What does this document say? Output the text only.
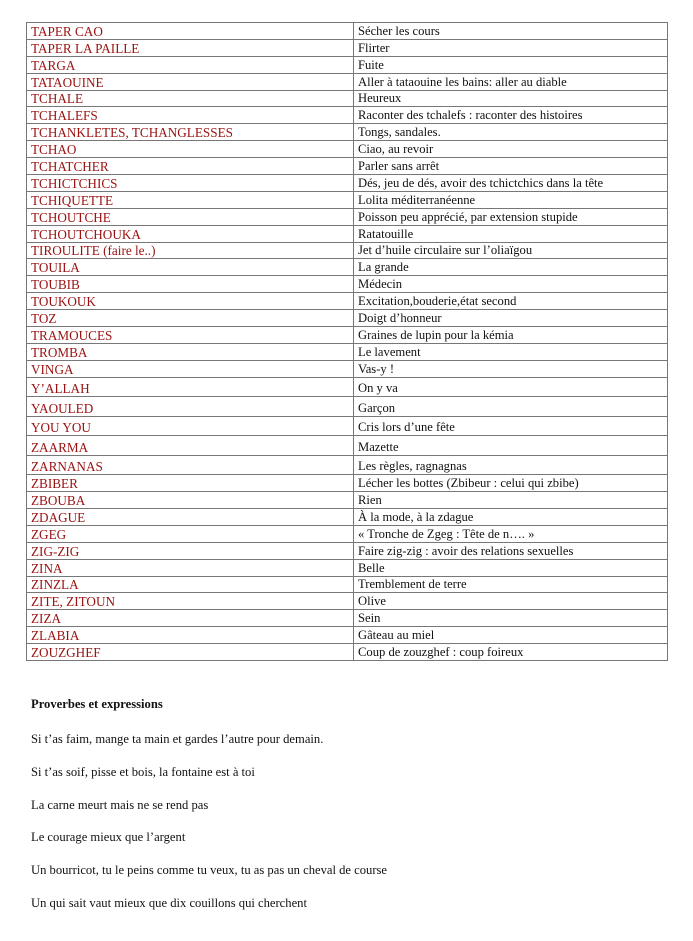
TAPER CAO	Sécher les cours
TAPER LA PAILLE	Flirter
TARGA	Fuite
TATAOUINE	Aller à tataouine les bains: aller au diable
TCHALE	Heureux
TCHALEFS	Raconter des tchalefs : raconter des histoires
TCHANKLETES, TCHANGLESSES	Tongs, sandales.
TCHAO	Ciao, au revoir
TCHATCHER	Parler sans arrêt
TCHICTCHICS	Dés, jeu de dés, avoir des tchictchics dans la tête
TCHIQUETTE	Lolita méditerranéenne
TCHOUTCHE	Poisson peu apprécié, par extension stupide
TCHOUTCHOUKA	Ratatouille
TIROULITE (faire le..)	Jet d’huile circulaire sur l’oliaïgou
TOUILA	La grande
TOUBIB	Médecin
TOUKOUK	Excitation,bouderie,état second
TOZ	Doigt d’honneur
TRAMOUCES	Graines de lupin pour la kémia
TROMBA	Le lavement
VINGA	Vas-y !
Y’ALLAH	On y va
YAOULED	Garçon
YOU YOU	Cris lors d’une fête
ZAARMA	Mazette
ZARNANAS	Les règles, ragnagnas
ZBIBER	Lécher les bottes (Zbibeur : celui qui zbibe)
ZBOUBA	Rien
ZDAGUE	À la mode, à la zdague
ZGEG	« Tronche de Zgeg : Tête de n…. »
ZIG-ZIG	Faire zig-zig : avoir des relations sexuelles
ZINA	Belle
ZINZLA	Tremblement de terre
ZITE, ZITOUN	Olive
ZIZA	Sein
ZLABIA	Gâteau au miel
ZOUZGHEF	Coup de zouzghef : coup foireux
Proverbes et expressions
Si t’as faim, mange ta main et gardes l’autre pour demain.
Si t’as soif, pisse et bois, la fontaine est à toi
La carne meurt mais ne se rend pas
Le courage mieux que l’argent
Un bourricot, tu le peins comme tu veux, tu as pas un cheval de course
Un qui sait vaut mieux que dix couillons qui cherchent
